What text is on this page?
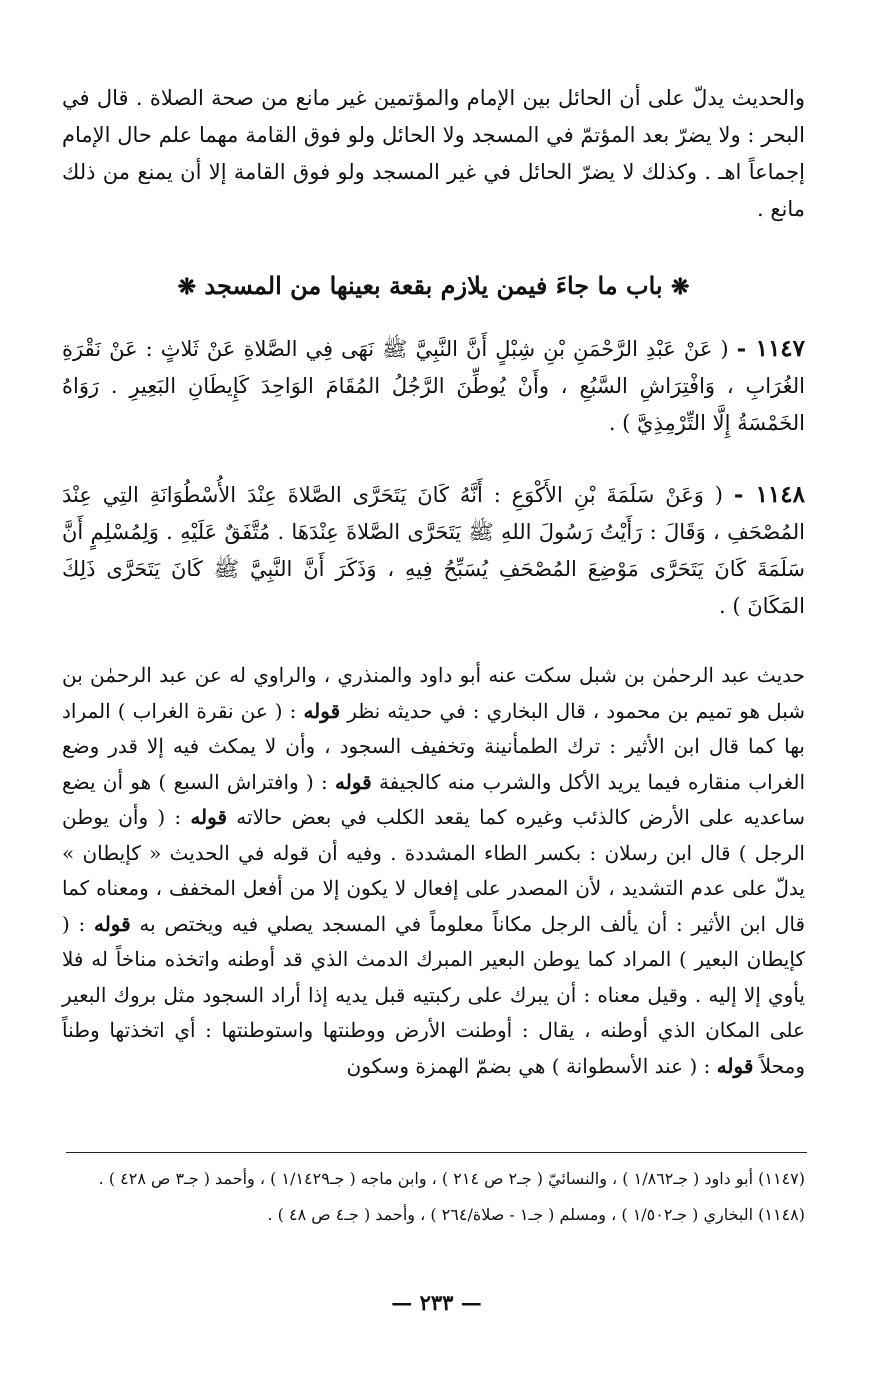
والحديث يدلّ على أن الحائل بين الإمام والمؤتمين غير مانع من صحة الصلاة . قال في البحر : ولا يضرّ بعد المؤتمّ في المسجد ولا الحائل ولو فوق القامة مهما علم حال الإمام إجماعاً اهـ . وكذلك لا يضرّ الحائل في غير المسجد ولو فوق القامة إلا أن يمنع من ذلك مانع .

❋ باب ما جاءَ فيمن يلازم بقعة بعينها من المسجد ❋

١١٤٧ - ( عَنْ عَبْدِ الرَّحْمَنِ بْنِ شِبْلٍ أَنَّ النَّبِيَّ ﷺ نَهَى فِي الصَّلاةِ عَنْ ثَلاثٍ : عَنْ نَقْرَةِ الغُرَابِ ، وَافْتِرَاشِ السَّبُعِ ، وأَنْ يُوطِّنَ الرَّجُلُ المُقَامَ الوَاحِدَ كَإِيطَانِ البَعِيرِ . رَوَاهُ الخَمْسَةُ إِلَّا التِّرْمِذِيَّ ) .

١١٤٨ - ( وَعَنْ سَلَمَةَ بْنِ الأَكْوَعِ : أَنَّهُ كَانَ يَتَحَرَّى الصَّلاةَ عِنْدَ الأُسْطُوَانَةِ التِي عِنْدَ المُصْحَفِ ، وَقَالَ : رَأَيْتُ رَسُولَ اللهِ ﷺ يَتَحَرَّى الصَّلاةَ عِنْدَهَا . مُتَّفَقٌ عَلَيْهِ . وَلِمُسْلِمٍ أَنَّ سَلَمَةَ كَانَ يَتَحَرَّى مَوْضِعَ المُصْحَفِ يُسَبِّحُ فِيهِ ، وَذَكَرَ أَنَّ النَّبِيَّ ﷺ كَانَ يَتَحَرَّى ذَلِكَ المَكَانَ ) .

حديث عبد الرحمٰن بن شبل سكت عنه أبو داود والمنذري ، والراوي له عن عبد الرحمٰن بن شبل هو تميم بن محمود ، قال البخاري : في حديثه نظر قوله : ( عن نقرة الغراب ) المراد بها كما قال ابن الأثير : ترك الطمأنينة وتخفيف السجود ، وأن لا يمكث فيه إلا قدر وضع الغراب منقاره فيما يريد الأكل والشرب منه كالجيفة قوله : ( وافتراش السبع ) هو أن يضع ساعديه على الأرض كالذئب وغيره كما يقعد الكلب في بعض حالاته قوله : ( وأن يوطن الرجل ) قال ابن رسلان : بكسر الطاء المشددة . وفيه أن قوله في الحديث « كإيطان » يدلّ على عدم التشديد ، لأن المصدر على إفعال لا يكون إلا من أفعل المخفف ، ومعناه كما قال ابن الأثير : أن يألف الرجل مكاناً معلوماً في المسجد يصلي فيه ويختص به قوله : ( كإيطان البعير ) المراد كما يوطن البعير المبرك الدمث الذي قد أوطنه واتخذه مناخاً له فلا يأوي إلا إليه . وقيل معناه : أن يبرك على ركبتيه قبل يديه إذا أراد السجود مثل بروك البعير على المكان الذي أوطنه ، يقال : أوطنت الأرض ووطنتها واستوطنتها : أي اتخذتها وطناً ومحلاً قوله : ( عند الأسطوانة ) هي بضمّ الهمزة وسكون

(١١٤٧) أبو داود ( جـ١/٨٦٢ ) ، والنسائيّ ( جـ٢ ص ٢١٤ ) ، وابن ماجه ( جـ١/١٤٢٩ ) ، وأحمد ( جـ٣ ص ٤٢٨ ) .

(١١٤٨) البخاري ( جـ١/٥٠٢ ) ، ومسلم ( جـ١ - صلاة/٢٦٤ ) ، وأحمد ( جـ٤ ص ٤٨ ) .

— ٢٣٣ —
